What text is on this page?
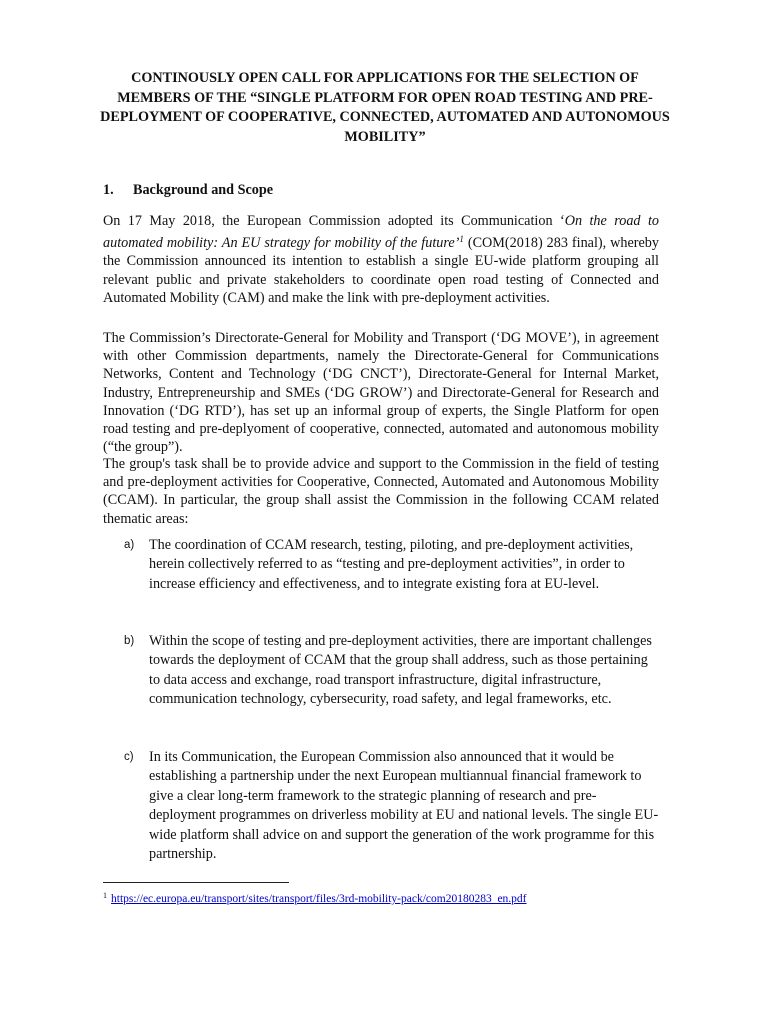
CONTINOUSLY OPEN CALL FOR APPLICATIONS FOR THE SELECTION OF MEMBERS OF THE “SINGLE PLATFORM FOR OPEN ROAD TESTING AND PRE-DEPLOYMENT OF COOPERATIVE, CONNECTED, AUTOMATED AND AUTONOMOUS MOBILITY”
1. Background and Scope

On 17 May 2018, the European Commission adopted its Communication ‘On the road to automated mobility: An EU strategy for mobility of the future’$^1$ (COM(2018) 283 final), whereby the Commission announced its intention to establish a single EU-wide platform grouping all relevant public and private stakeholders to coordinate open road testing of Connected and Automated Mobility (CAM) and make the link with pre-deployment activities.

The Commission’s Directorate-General for Mobility and Transport (‘DG MOVE’), in agreement with other Commission departments, namely the Directorate-General for Communications Networks, Content and Technology (‘DG CNCT’), Directorate-General for Internal Market, Industry, Entrepreneurship and SMEs (‘DG GROW’) and Directorate-General for Research and Innovation (‘DG RTD’), has set up an informal group of experts, the Single Platform for open road testing and pre-deplyoment of cooperative, connected, automated and autonomous mobility (“the group”).

The group's task shall be to provide advice and support to the Commission in the field of testing and pre-deployment activities for Cooperative, Connected, Automated and Autonomous Mobility (CCAM). In particular, the group shall assist the Commission in the following CCAM related thematic areas:

a)	The coordination of CCAM research, testing, piloting, and pre-deployment activities, herein collectively referred to as “testing and pre-deployment activities”, in order to increase efficiency and effectiveness, and to integrate existing fora at EU-level.
b)	Within the scope of testing and pre-deployment activities, there are important challenges towards the deployment of CCAM that the group shall address, such as those pertaining to data access and exchange, road transport infrastructure, digital infrastructure, communication technology, cybersecurity, road safety, and legal frameworks, etc.
c)	In its Communication, the European Commission also announced that it would be establishing a partnership under the next European multiannual financial framework to give a clear long-term framework to the strategic planning of research and pre-deployment programmes on driverless mobility at EU and national levels. The single EU-wide platform shall advice on and support the generation of the work programme for this partnership.

$^1$ https://ec.europa.eu/transport/sites/transport/files/3rd-mobility-pack/com20180283_en.pdf
